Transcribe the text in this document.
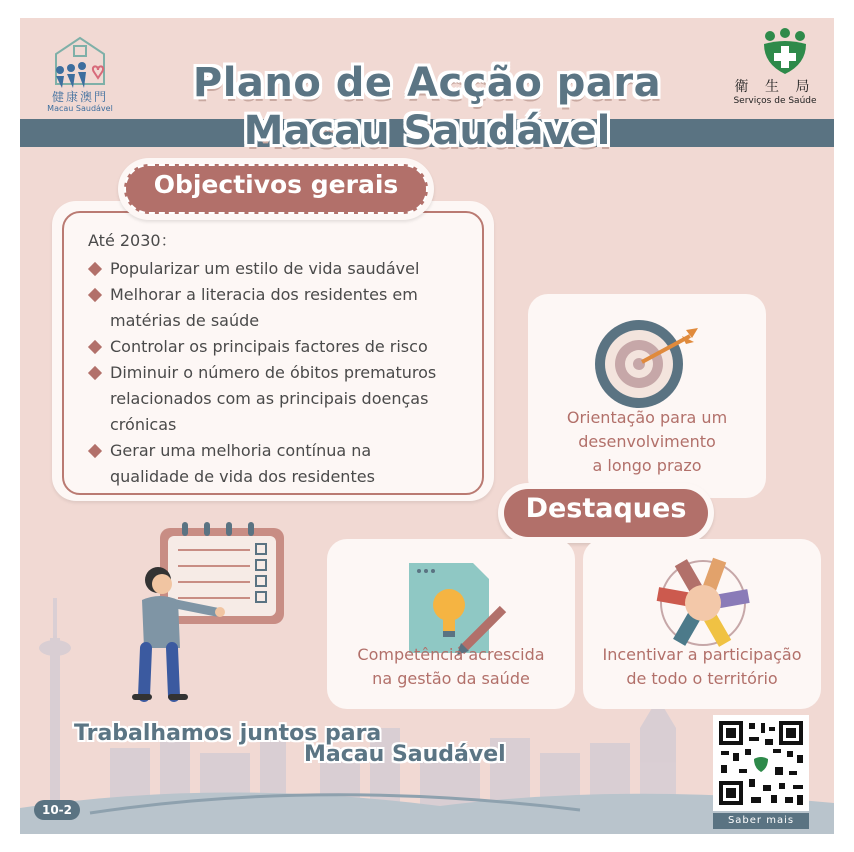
健康澳門
Macau Saudável
衛 生 局
Serviços de Saúde
Plano de Acção para
Macau Saudável
Objectivos gerais
Até 2030：
Popularizar um estilo de vida saudável
Melhorar a literacia dos residentes em
matérias de saúde
Controlar os principais factores de risco
Diminuir o número de óbitos prematuros
relacionados com as principais doenças
crónicas
Gerar uma melhoria contínua na
qualidade de vida dos residentes
Orientação para um
desenvolvimento
a longo prazo
Destaques
Competência acrescida
na gestão da saúde
Incentivar a participação
de todo o território
Trabalhamos juntos para
Macau Saudável
10-2
Saber mais
